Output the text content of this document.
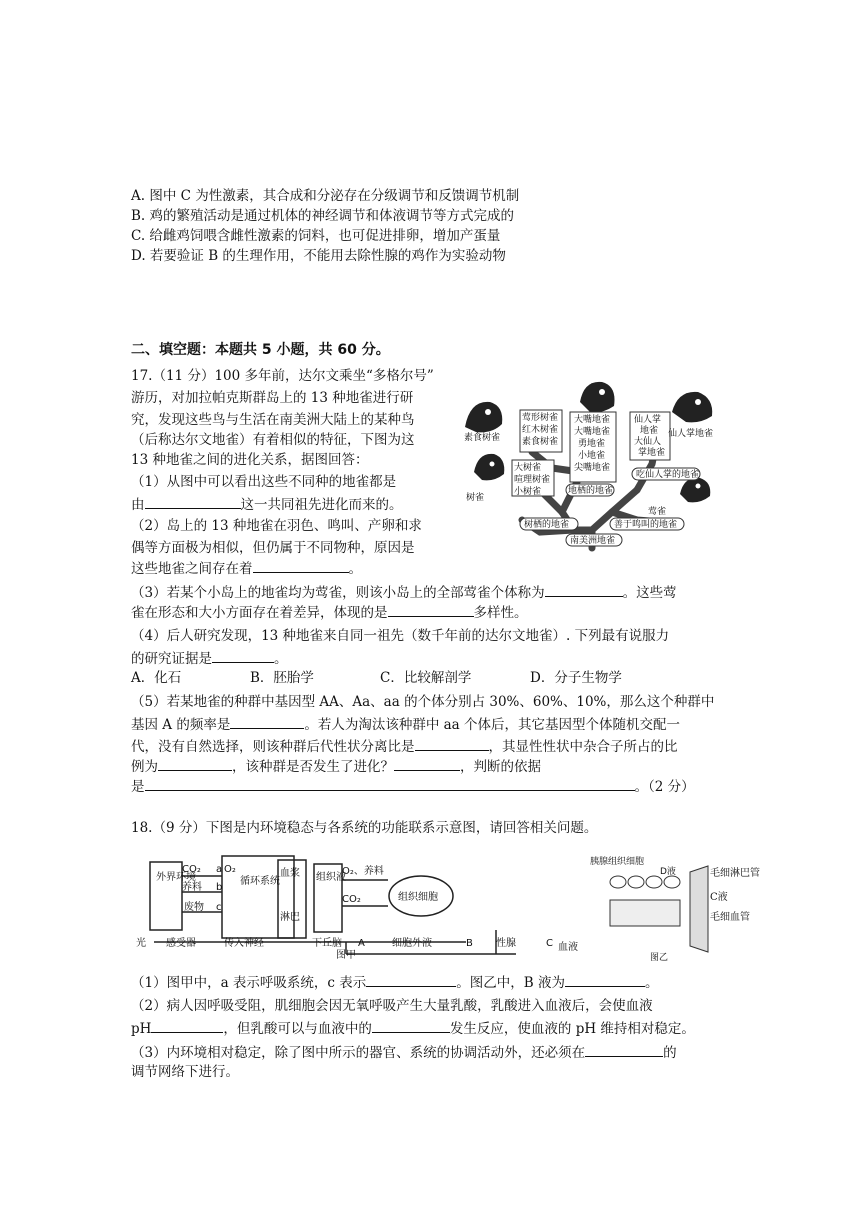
A. 图中 C 为性激素，其合成和分泌存在分级调节和反馈调节机制
B. 鸡的繁殖活动是通过机体的神经调节和体液调节等方式完成的
C. 给雌鸡饲喂含雌性激素的饲料，也可促进排卵，增加产蛋量
D. 若要验证 B 的生理作用，不能用去除性腺的鸡作为实验动物
二、填空题：本题共 5 小题，共 60 分。
17.（11 分）100 多年前，达尔文乘坐“多格尔号”
游历，对加拉帕克斯群岛上的 13 种地雀进行研
究，发现这些鸟与生活在南美洲大陆上的某种鸟
（后称达尔文地雀）有着相似的特征，下图为这
13 种地雀之间的进化关系，据图回答：
（1）从图中可以看出这些不同种的地雀都是
由	这一共同祖先进化而来的。
（2）岛上的 13 种地雀在羽色、鸣叫、产卵和求
偶等方面极为相似，但仍属于不同物种，原因是
这些地雀之间存在着	。
（3）若某个小岛上的地雀均为莺雀，则该小岛上的全部莺雀个体称为	。这些莺
雀在形态和大小方面存在着差异，体现的是	多样性。
（4）后人研究发现，13 种地雀来自同一祖先（数千年前的达尔文地雀）. 下列最有说服力
的研究证据是	。
A．化石	B．胚胎学	C．比较解剖学	D．分子生物学
（5）若某地雀的种群中基因型 AA、Aa、aa 的个体分别占 30%、60%、10%，那么这个种群中
基因 A 的频率是	。若人为淘汰该种群中 aa 个体后，其它基因型个体随机交配一
代，没有自然选择，则该种群后代性状分离比是	，其显性性状中杂合子所占的比
例为	，该种群是否发生了进化？	，判断的依据
是	。（2 分）
莺形树雀
红木树雀
素食树雀
素食树雀
大嘴地雀
大嘴地雀
勇地雀
小地雀
尖嘴地雀
地栖的地雀
仙人掌
地雀
大仙人
掌地雀
仙人掌地雀
吃仙人掌的地雀
大树雀
喧理树雀
小树雀
树雀
莺雀
树栖的地雀	善于鸣叫的地雀
南美洲地雀
18.（9 分）下图是内环境稳态与各系统的功能联系示意图，请回答相关问题。
外界环境
CO₂ a O₂
养料 b
废物 c
循环系统
血浆
淋巴
组织液
O₂、养料
CO₂	组织细胞
光 感受器	传入神经	下丘脑 A	细胞外液	B 性腺	C 血液
图甲
胰腺组织细胞
D液
图乙
毛细淋巴管
C液
毛细血管
（1）图甲中，a 表示呼吸系统，c 表示	。图乙中，B 液为	。
（2）病人因呼吸受阻，肌细胞会因无氧呼吸产生大量乳酸，乳酸进入血液后，会使血液
pH	，但乳酸可以与血液中的	发生反应，使血液的 pH 维持相对稳定。
（3）内环境相对稳定，除了图中所示的器官、系统的协调活动外，还必须在	的
调节网络下进行。
